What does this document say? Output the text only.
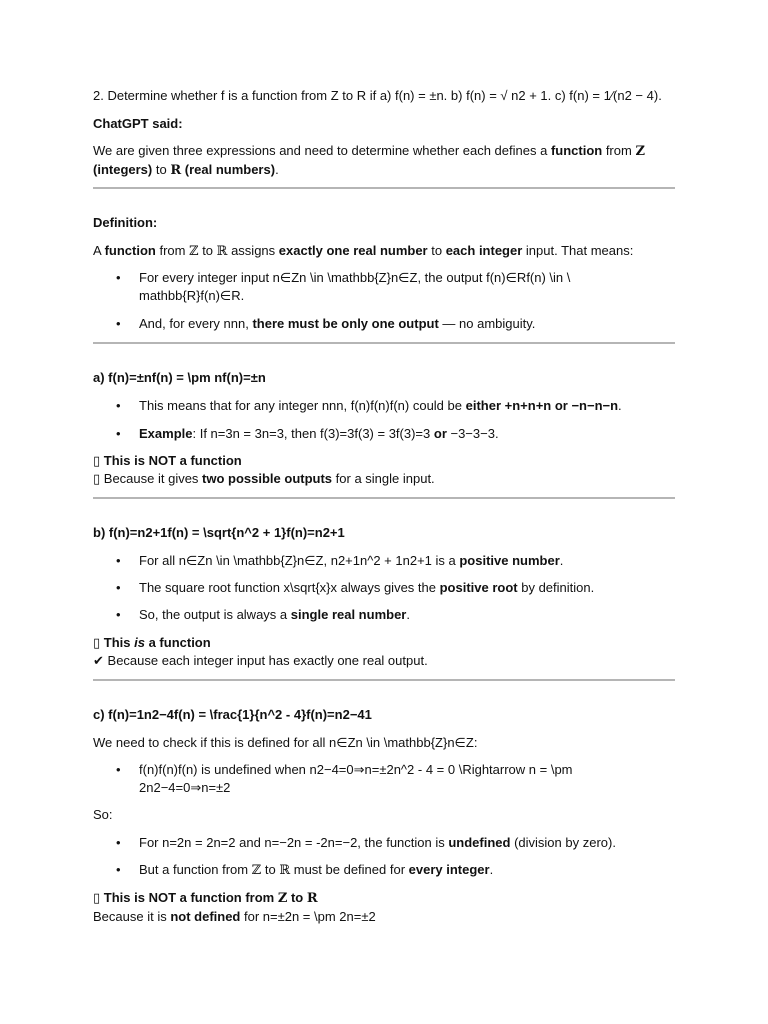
2. Determine whether f is a function from Z to R if a) f(n) = ±n. b) f(n) = √ n2 + 1. c) f(n) = 1⁄(n2 − 4).

ChatGPT said:

We are given three expressions and need to determine whether each defines a function from 𝐙
(integers) to 𝐑 (real numbers).

Definition:

A function from ℤ to ℝ assigns exactly one real number to each integer input. That means:

• For every integer input n∈Zn \in \mathbb{Z}n∈Z, the output f(n)∈Rf(n) \in \ mathbb{R}f(n)∈R.

• And, for every nnn, there must be only one output — no ambiguity.

a) f(n)=±nf(n) = \pm nf(n)=±n

• This means that for any integer nnn, f(n)f(n)f(n) could be either +n+n+n or −n−n−n.

• Example: If n=3n = 3n=3, then f(3)=3f(3) = 3f(3)=3 or −3−3−3.

▯ This is NOT a function
▯ Because it gives two possible outputs for a single input.

b) f(n)=n2+1f(n) = \sqrt{n^2 + 1}f(n)=n2+1

• For all n∈Zn \in \mathbb{Z}n∈Z, n2+1n^2 + 1n2+1 is a positive number.

• The square root function x\sqrt{x}x always gives the positive root by definition.

• So, the output is always a single real number.

▯ This is a function
✔ Because each integer input has exactly one real output.

c) f(n)=1n2−4f(n) = \frac{1}{n^2 - 4}f(n)=n2−41

We need to check if this is defined for all n∈Zn \in \mathbb{Z}n∈Z:

• f(n)f(n)f(n) is undefined when n2−4=0⇒n=±2n^2 - 4 = 0 \Rightarrow n = \pm 2n2−4=0⇒n=±2

So:

• For n=2n = 2n=2 and n=−2n = -2n=−2, the function is undefined (division by zero).

• But a function from ℤ to ℝ must be defined for every integer.

▯ This is NOT a function from 𝐙 to 𝐑
Because it is not defined for n=±2n = \pm 2n=±2
